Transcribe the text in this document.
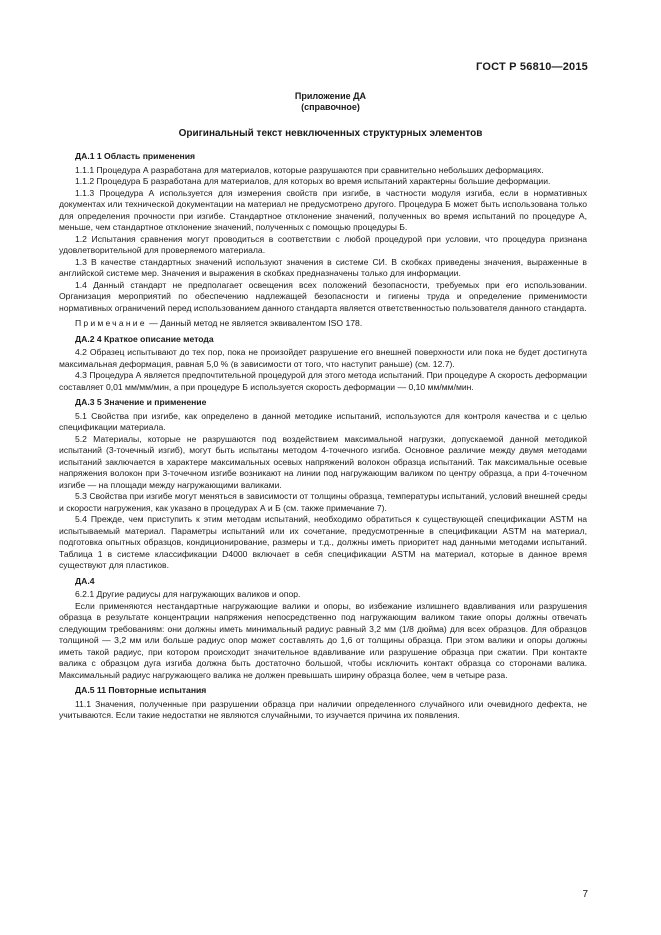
ГОСТ Р 56810—2015
Приложение ДА
(справочное)
Оригинальный текст невключенных структурных элементов

ДА.1 1 Область применения

1.1.1 Процедура А разработана для материалов, которые разрушаются при сравнительно небольших деформациях.

1.1.2 Процедура Б разработана для материалов, для которых во время испытаний характерны большие деформации.

1.1.3 Процедура А используется для измерения свойств при изгибе, в частности модуля изгиба, если в нормативных документах или технической документации на материал не предусмотрено другого. Процедура Б может быть использована только для определения прочности при изгибе. Стандартное отклонение значений, полученных во время испытаний по процедуре А, меньше, чем стандартное отклонение значений, полученных с помощью процедуры Б.

1.2 Испытания сравнения могут проводиться в соответствии с любой процедурой при условии, что процедура признана удовлетворительной для проверяемого материала.

1.3 В качестве стандартных значений используют значения в системе СИ. В скобках приведены значения, выраженные в английской системе мер. Значения и выражения в скобках предназначены только для информации.

1.4 Данный стандарт не предполагает освещения всех положений безопасности, требуемых при его использовании. Организация мероприятий по обеспечению надлежащей безопасности и гигиены труда и определение применимости нормативных ограничений перед использованием данного стандарта является ответственностью пользователя данного стандарта.

Примечание — Данный метод не является эквивалентом ISO 178.

ДА.2 4 Краткое описание метода

4.2 Образец испытывают до тех пор, пока не произойдет разрушение его внешней поверхности или пока не будет достигнута максимальная деформация, равная 5,0 % (в зависимости от того, что наступит раньше) (см. 12.7).

4.3 Процедура А является предпочтительной процедурой для этого метода испытаний. При процедуре А скорость деформации составляет 0,01 мм/мм/мин, а при процедуре Б используется скорость деформации — 0,10 мм/мм/мин.

ДА.3 5 Значение и применение

5.1 Свойства при изгибе, как определено в данной методике испытаний, используются для контроля качества и с целью спецификации материала.

5.2 Материалы, которые не разрушаются под воздействием максимальной нагрузки, допускаемой данной методикой испытаний (3-точечный изгиб), могут быть испытаны методом 4-точечного изгиба. Основное различие между двумя методами испытаний заключается в характере максимальных осевых напряжений волокон образца испытаний. Так максимальные осевые напряжения волокон при 3-точечном изгибе возникают на линии под нагружающим валиком по центру образца, а при 4-точечном изгибе — на площади между нагружающими валиками.

5.3 Свойства при изгибе могут меняться в зависимости от толщины образца, температуры испытаний, условий внешней среды и скорости нагружения, как указано в процедурах А и Б (см. также примечание 7).

5.4 Прежде, чем приступить к этим методам испытаний, необходимо обратиться к существующей спецификации ASTM на испытываемый материал. Параметры испытаний или их сочетание, предусмотренные в спецификации ASTM на материал, подготовка опытных образцов, кондиционирование, размеры и т.д., должны иметь приоритет над данными методами испытаний. Таблица 1 в системе классификации D4000 включает в себя спецификации ASTM на материал, которые в данное время существуют для пластиков.

ДА.4

6.2.1 Другие радиусы для нагружающих валиков и опор.

Если применяются нестандартные нагружающие валики и опоры, во избежание излишнего вдавливания или разрушения образца в результате концентрации напряжения непосредственно под нагружающим валиком такие опоры должны отвечать следующим требованиям: они должны иметь минимальный радиус равный 3,2 мм (1/8 дюйма) для всех образцов. Для образцов толщиной — 3,2 мм или больше радиус опор может составлять до 1,6 от толщины образца. При этом валики и опоры должны иметь такой радиус, при котором происходит значительное вдавливание или разрушение образца при сжатии. При контакте валика с образцом дуга изгиба должна быть достаточно большой, чтобы исключить контакт образца со сторонами валика. Максимальный радиус нагружающего валика не должен превышать ширину образца более, чем в четыре раза.

ДА.5 11 Повторные испытания

11.1 Значения, полученные при разрушении образца при наличии определенного случайного или очевидного дефекта, не учитываются. Если такие недостатки не являются случайными, то изучается причина их появления.

7
